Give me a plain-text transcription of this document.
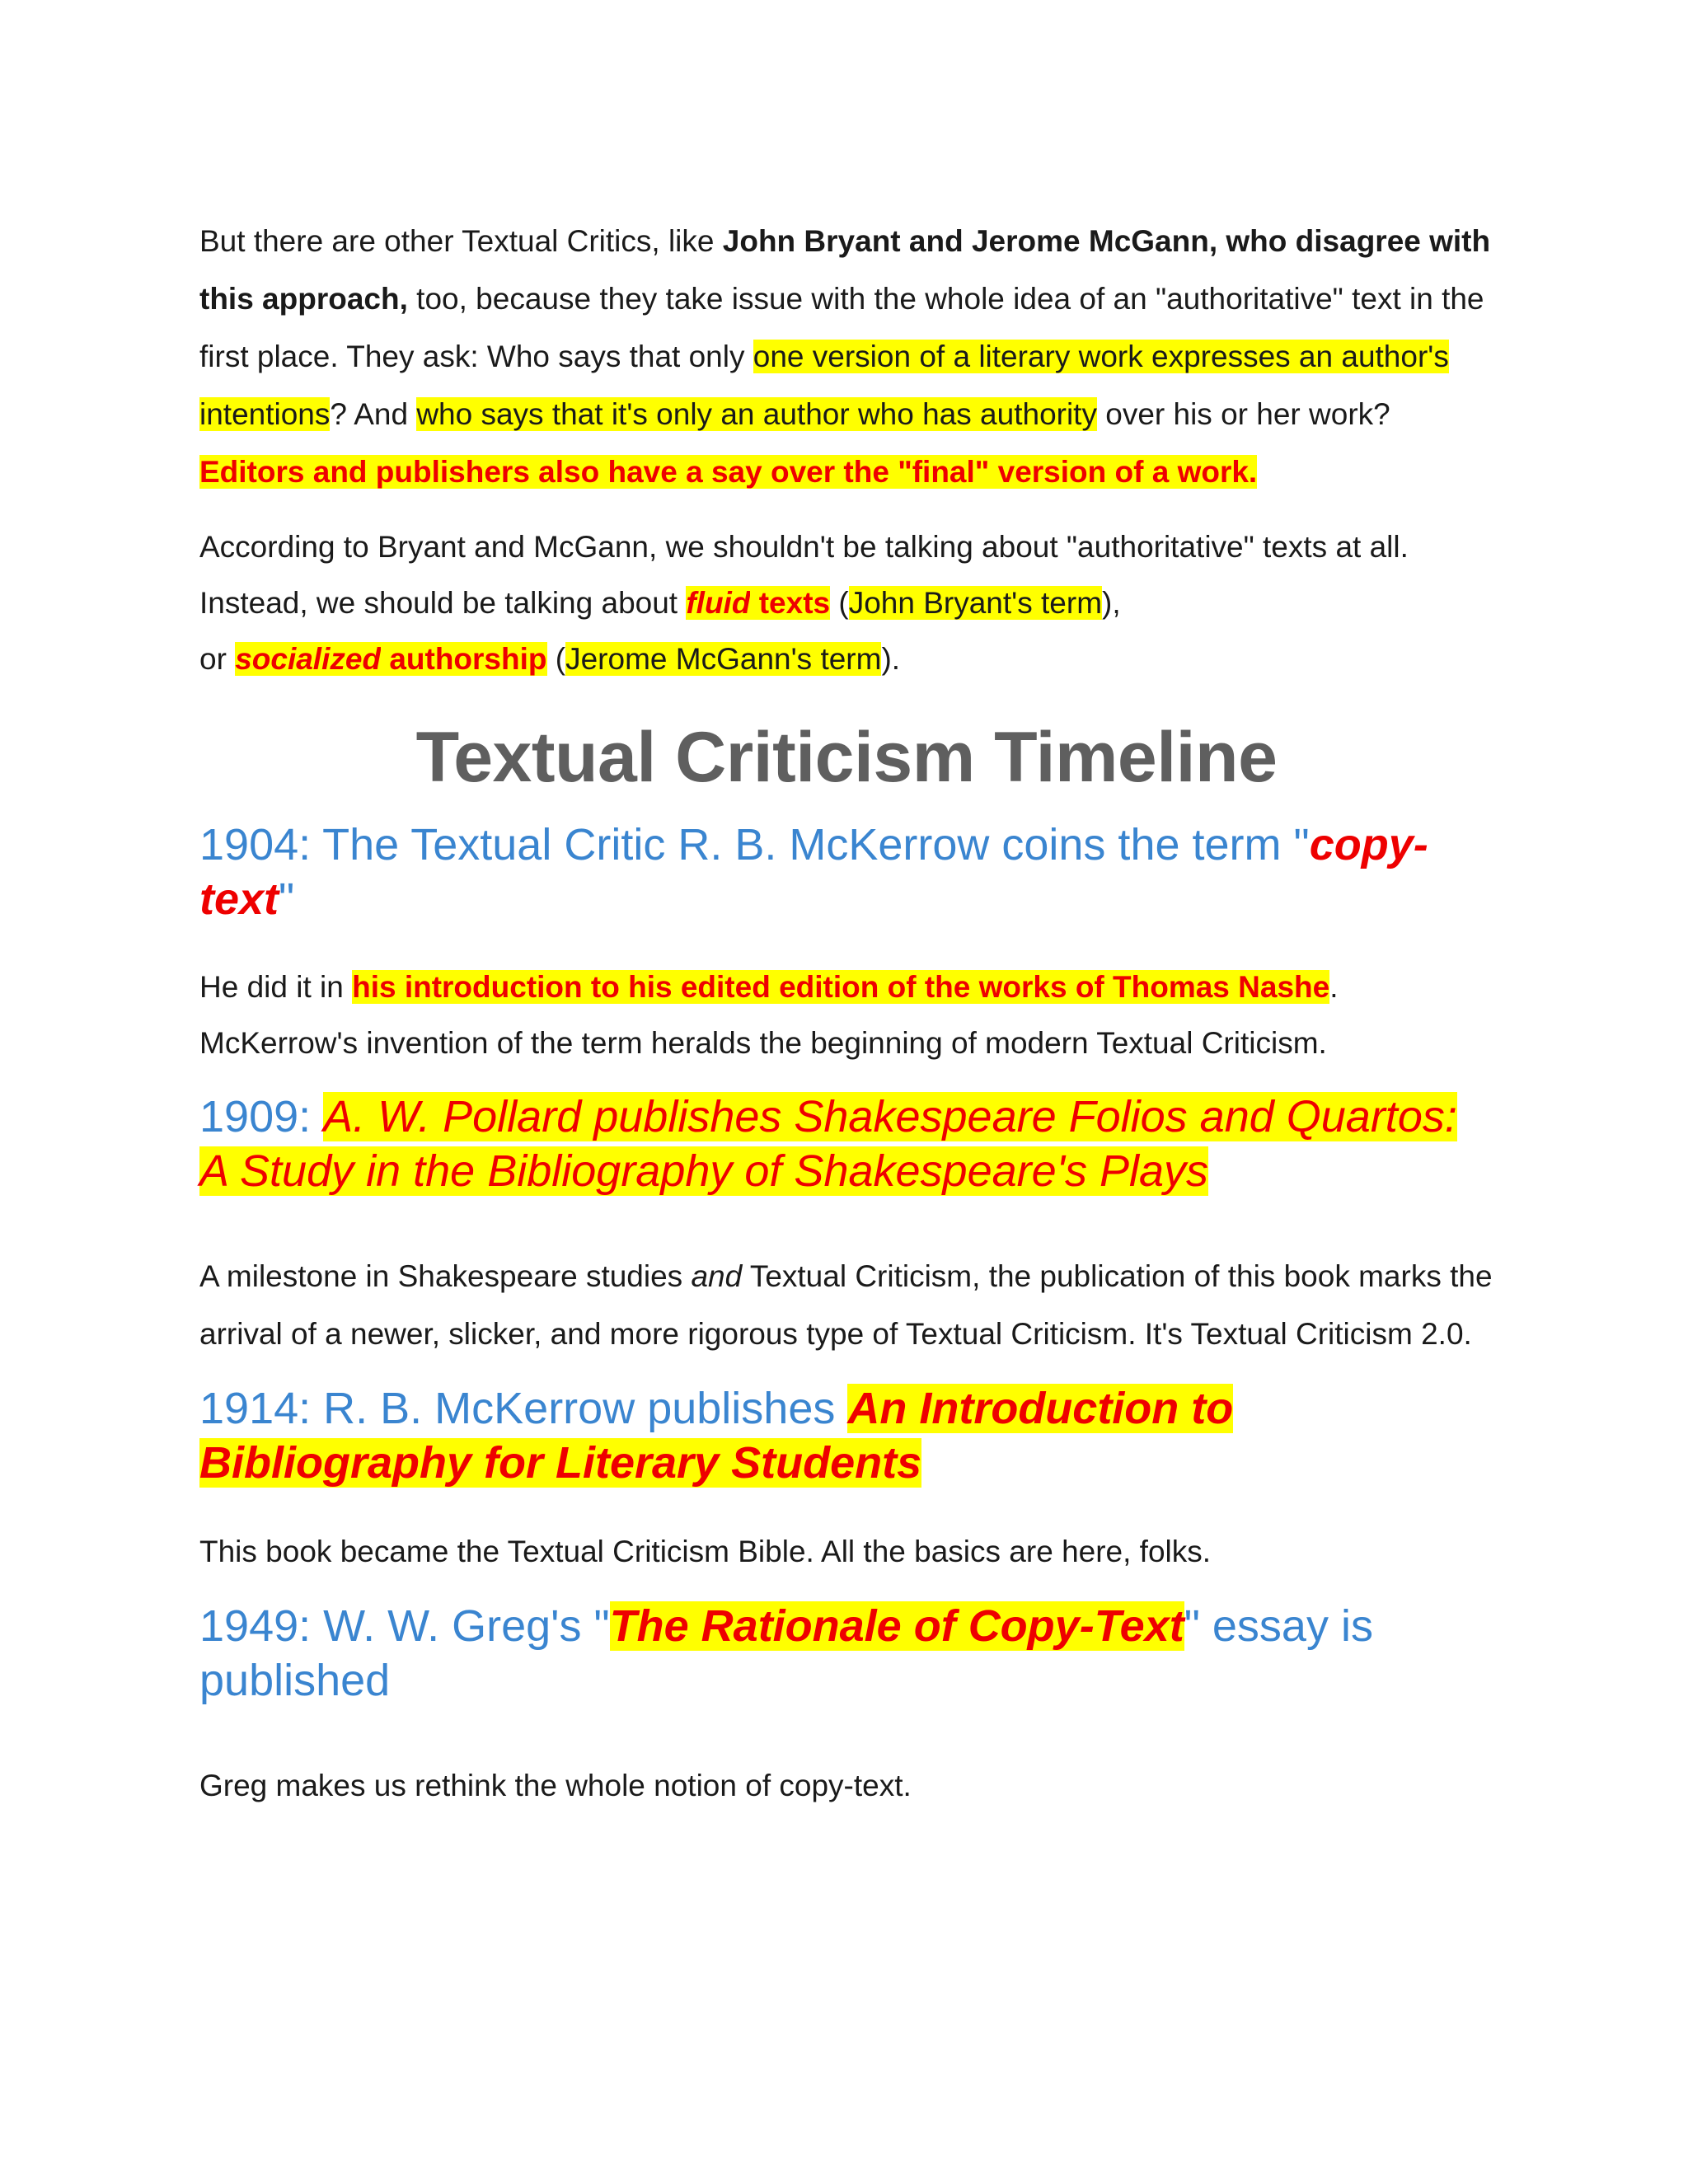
But there are other Textual Critics, like John Bryant and Jerome McGann, who disagree with this approach, too, because they take issue with the whole idea of an "authoritative" text in the first place. They ask: Who says that only one version of a literary work expresses an author's intentions? And who says that it's only an author who has authority over his or her work? Editors and publishers also have a say over the "final" version of a work.

According to Bryant and McGann, we shouldn't be talking about "authoritative" texts at all. Instead, we should be talking about fluid texts (John Bryant's term),
or socialized authorship (Jerome McGann's term).

Textual Criticism Timeline
1904: The Textual Critic R. B. McKerrow coins the term "copy-text"

He did it in his introduction to his edited edition of the works of Thomas Nashe. McKerrow's invention of the term heralds the beginning of modern Textual Criticism.

1909: A. W. Pollard publishes Shakespeare Folios and Quartos: A Study in the Bibliography of Shakespeare's Plays

A milestone in Shakespeare studies and Textual Criticism, the publication of this book marks the arrival of a newer, slicker, and more rigorous type of Textual Criticism. It's Textual Criticism 2.0.

1914: R. B. McKerrow publishes An Introduction to Bibliography for Literary Students

This book became the Textual Criticism Bible. All the basics are here, folks.

1949: W. W. Greg's "The Rationale of Copy-Text" essay is published

Greg makes us rethink the whole notion of copy-text.
